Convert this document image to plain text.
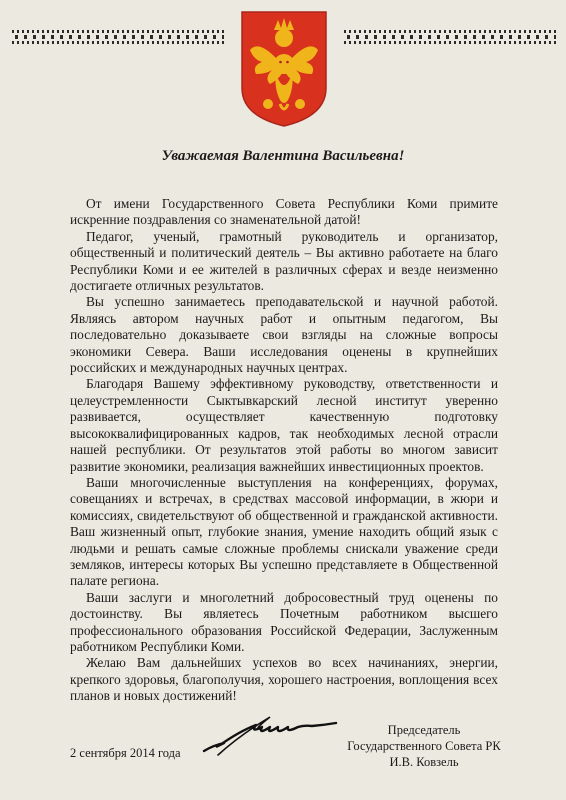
Уважаемая Валентина Васильевна!

От имени Государственного Совета Республики Коми примите искренние поздравления со знаменательной датой!

Педагог, ученый, грамотный руководитель и организатор, общественный и политический деятель – Вы активно работаете на благо Республики Коми и ее жителей в различных сферах и везде неизменно достигаете отличных результатов.

Вы успешно занимаетесь преподавательской и научной работой. Являясь автором научных работ и опытным педагогом, Вы последовательно доказываете свои взгляды на сложные вопросы экономики Севера. Ваши исследования оценены в крупнейших российских и международных научных центрах.

Благодаря Вашему эффективному руководству, ответственности и целеустремленности Сыктывкарский лесной институт уверенно развивается, осуществляет качественную подготовку высококвалифицированных кадров, так необходимых лесной отрасли нашей республики. От результатов этой работы во многом зависит развитие экономики, реализация важнейших инвестиционных проектов.

Ваши многочисленные выступления на конференциях, форумах, совещаниях и встречах, в средствах массовой информации, в жюри и комиссиях, свидетельствуют об общественной и гражданской активности. Ваш жизненный опыт, глубокие знания, умение находить общий язык с людьми и решать самые сложные проблемы снискали уважение среди земляков, интересы которых Вы успешно представляете в Общественной палате региона.

Ваши заслуги и многолетний добросовестный труд оценены по достоинству. Вы являетесь Почетным работником высшего профессионального образования Российской Федерации, Заслуженным работником Республики Коми.

Желаю Вам дальнейших успехов во всех начинаниях, энергии, крепкого здоровья, благополучия, хорошего настроения, воплощения всех планов и новых достижений!

2 сентября 2014 года
Председатель
Государственного Совета РК
И.В. Ковзель
